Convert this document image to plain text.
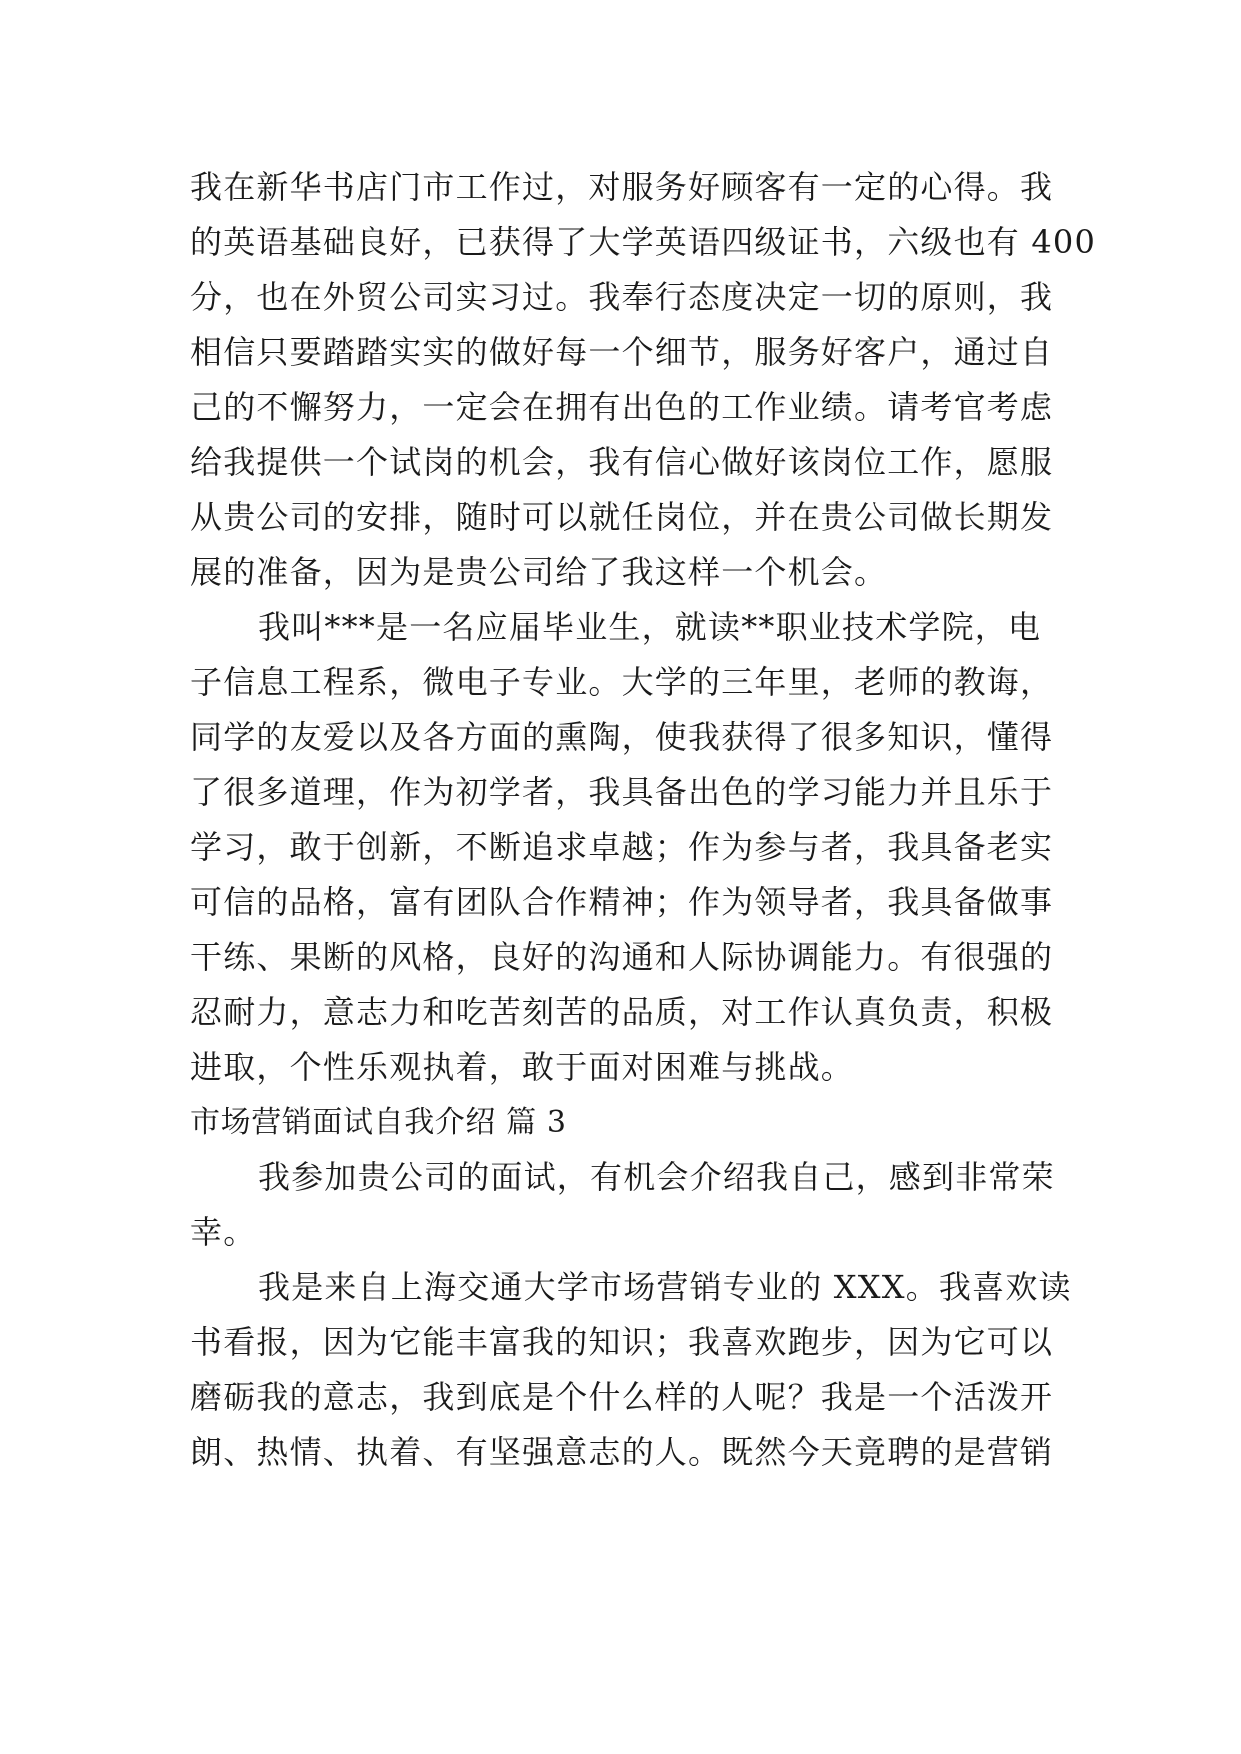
我在新华书店门市工作过，对服务好顾客有一定的心得。我
的英语基础良好，已获得了大学英语四级证书，六级也有 400
分，也在外贸公司实习过。我奉行态度决定一切的原则，我
相信只要踏踏实实的做好每一个细节，服务好客户，通过自
己的不懈努力，一定会在拥有出色的工作业绩。请考官考虑
给我提供一个试岗的机会，我有信心做好该岗位工作，愿服
从贵公司的安排，随时可以就任岗位，并在贵公司做长期发
展的准备，因为是贵公司给了我这样一个机会。
我叫***是一名应届毕业生，就读**职业技术学院，电
子信息工程系，微电子专业。大学的三年里，老师的教诲，
同学的友爱以及各方面的熏陶，使我获得了很多知识，懂得
了很多道理，作为初学者，我具备出色的学习能力并且乐于
学习，敢于创新，不断追求卓越；作为参与者，我具备老实
可信的品格，富有团队合作精神；作为领导者，我具备做事
干练、果断的风格，良好的沟通和人际协调能力。有很强的
忍耐力，意志力和吃苦刻苦的品质，对工作认真负责，积极
进取，个性乐观执着，敢于面对困难与挑战。
市场营销面试自我介绍 篇 3
我参加贵公司的面试，有机会介绍我自己，感到非常荣
幸。
我是来自上海交通大学市场营销专业的 XXX。我喜欢读
书看报，因为它能丰富我的知识；我喜欢跑步，因为它可以
磨砺我的意志，我到底是个什么样的人呢？我是一个活泼开
朗、热情、执着、有坚强意志的人。既然今天竟聘的是营销
